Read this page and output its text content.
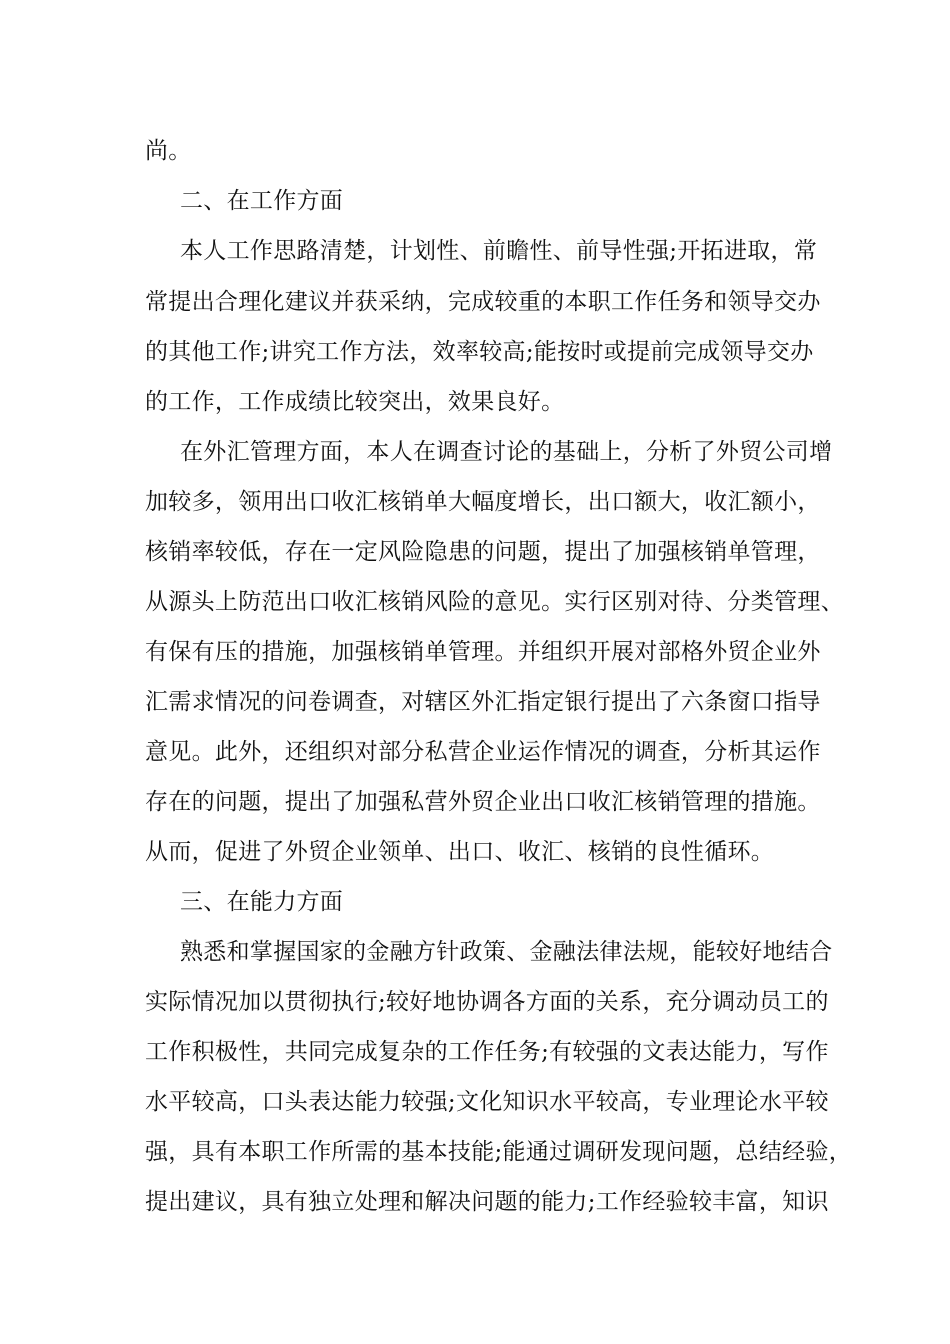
尚。
二、在工作方面
本人工作思路清楚，计划性、前瞻性、前导性强;开拓进取，常
常提出合理化建议并获采纳，完成较重的本职工作任务和领导交办
的其他工作;讲究工作方法，效率较高;能按时或提前完成领导交办
的工作，工作成绩比较突出，效果良好。
在外汇管理方面，本人在调查讨论的基础上，分析了外贸公司增
加较多，领用出口收汇核销单大幅度增长，出口额大，收汇额小，
核销率较低，存在一定风险隐患的问题，提出了加强核销单管理，
从源头上防范出口收汇核销风险的意见。实行区别对待、分类管理、
有保有压的措施，加强核销单管理。并组织开展对部格外贸企业外
汇需求情况的问卷调查，对辖区外汇指定银行提出了六条窗口指导
意见。此外，还组织对部分私营企业运作情况的调查，分析其运作
存在的问题，提出了加强私营外贸企业出口收汇核销管理的措施。
从而，促进了外贸企业领单、出口、收汇、核销的良性循环。
三、在能力方面
熟悉和掌握国家的金融方针政策、金融法律法规，能较好地结合
实际情况加以贯彻执行;较好地协调各方面的关系，充分调动员工的
工作积极性，共同完成复杂的工作任务;有较强的文表达能力，写作
水平较高，口头表达能力较强;文化知识水平较高，专业理论水平较
强，具有本职工作所需的基本技能;能通过调研发现问题，总结经验，
提出建议，具有独立处理和解决问题的能力;工作经验较丰富，知识
